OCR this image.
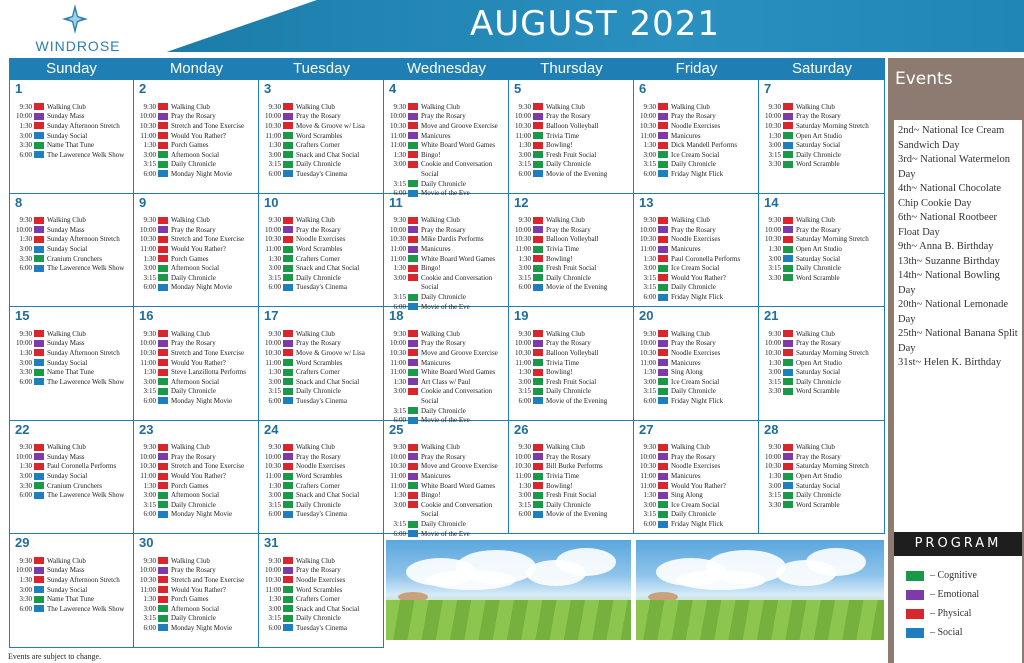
WINDROSE
AUGUST 2021
Sunday	Monday	Tuesday	Wednesday	Thursday	Friday	Saturday
1
9:30 Walking Club
10:00 Sunday Mass
1:30 Sunday Afternoon Stretch
3:00 Sunday Social
3:30 Name That Tune
6:00 The Lawerence Welk Show
2
9:30 Walking Club
10:00 Pray the Rosary
10:30 Stretch and Tone Exercise
11:00 Would You Rather?
1:30 Porch Games
3:00 Afternoon Social
3:15 Daily Chronicle
6:00 Monday Night Movie
3
9:30 Walking Club
10:00 Pray the Rosary
10:30 Move & Groove w/ Lisa
11:00 Word Scrambles
1:30 Crafters Corner
3:00 Snack and Chat Social
3:15 Daily Chronicle
6:00 Tuesday's Cinema
4
9:30 Walking Club
10:00 Pray the Rosary
10:30 Move and Groove Exercise
11:00 Manicures
11:00 White Board Word Games
1:30 Bingo!
3:00 Cookie and Conversation
Social
3:15 Daily Chronicle
6:00 Movie of the Eve
5
9:30 Walking Club
10:00 Pray the Rosary
10:30 Balloon Volleyball
11:00 Trivia Time
1:30 Bowling!
3:00 Fresh Fruit Social
3:15 Daily Chronicle
6:00 Movie of the Evening
6
9:30 Walking Club
10:00 Pray the Rosary
10:30 Noodle Exercises
11:00 Manicures
1:30 Dick Mandell Performs
3:00 Ice Cream Social
3:15 Daily Chronicle
6:00 Friday Night Flick
7
9:30 Walking Club
10:00 Pray the Rosary
10:30 Saturday Morning Stretch
1:30 Open Art Studio
3:00 Saturday Social
3:15 Daily Chronicle
3:30 Word Scramble
8
9:30 Walking Club
10:00 Sunday Mass
1:30 Sunday Afternoon Stretch
3:00 Sunday Social
3:30 Cranium Crunchers
6:00 The Lawerence Welk Show
9
9:30 Walking Club
10:00 Pray the Rosary
10:30 Stretch and Tone Exercise
11:00 Would You Rather?
1:30 Porch Games
3:00 Afternoon Social
3:15 Daily Chronicle
6:00 Monday Night Movie
10
9:30 Walking Club
10:00 Pray the Rosary
10:30 Noodle Exercises
11:00 Word Scrambles
1:30 Crafters Corner
3:00 Snack and Chat Social
3:15 Daily Chronicle
6:00 Tuesday's Cinema
11
9:30 Walking Club
10:00 Pray the Rosary
10:30 Mike Dardis Performs
11:00 Manicures
11:00 White Board Word Games
1:30 Bingo!
3:00 Cookie and Conversation
Social
3:15 Daily Chronicle
6:00 Movie of the Eve
12
9:30 Walking Club
10:00 Pray the Rosary
10:30 Balloon Volleyball
11:00 Trivia Time
1:30 Bowling!
3:00 Fresh Fruit Social
3:15 Daily Chronicle
6:00 Movie of the Evening
13
9:30 Walking Club
10:00 Pray the Rosary
10:30 Noodle Exercises
11:00 Manicures
1:30 Paul Coronella Performs
3:00 Ice Cream Social
3:15 Would You Rather?
3:15 Daily Chronicle
6:00 Friday Night Flick
14
9:30 Walking Club
10:00 Pray the Rosary
10:30 Saturday Morning Stretch
1:30 Open Art Studio
3:00 Saturday Social
3:15 Daily Chronicle
3:30 Word Scramble
15
9:30 Walking Club
10:00 Sunday Mass
1:30 Sunday Afternoon Stretch
3:00 Sunday Social
3:30 Name That Tune
6:00 The Lawerence Welk Show
16
9:30 Walking Club
10:00 Pray the Rosary
10:30 Stretch and Tone Exercise
11:00 Would You Rather?
1:30 Steve Lanzillotta Performs
3:00 Afternoon Social
3:15 Daily Chronicle
6:00 Monday Night Movie
17
9:30 Walking Club
10:00 Pray the Rosary
10:30 Move & Groove w/ Lisa
11:00 Word Scrambles
1:30 Crafters Corner
3:00 Snack and Chat Social
3:15 Daily Chronicle
6:00 Tuesday's Cinema
18
9:30 Walking Club
10:00 Pray the Rosary
10:30 Move and Groove Exercise
11:00 Manicures
11:00 White Board Word Games
1:30 Art Class w/ Paul
3:00 Cookie and Conversation
Social
3:15 Daily Chronicle
6:00 Movie of the Eve
19
9:30 Walking Club
10:00 Pray the Rosary
10:30 Balloon Volleyball
11:00 Trivia Time
1:30 Bowling!
3:00 Fresh Fruit Social
3:15 Daily Chronicle
6:00 Movie of the Evening
20
9:30 Walking Club
10:00 Pray the Rosary
10:30 Noodle Exercises
11:00 Manicures
1:30 Sing Along
3:00 Ice Cream Social
3:15 Daily Chronicle
6:00 Friday Night Flick
21
9:30 Walking Club
10:00 Pray the Rosary
10:30 Saturday Morning Stretch
1:30 Open Art Studio
3:00 Saturday Social
3:15 Daily Chronicle
3:30 Word Scramble
22
9:30 Walking Club
10:00 Sunday Mass
1:30 Paul Coronella Performs
3:00 Sunday Social
3:30 Cranium Crunchers
6:00 The Lawerence Welk Show
23
9:30 Walking Club
10:00 Pray the Rosary
10:30 Stretch and Tone Exercise
11:00 Would You Rather?
1:30 Porch Games
3:00 Afternoon Social
3:15 Daily Chronicle
6:00 Monday Night Movie
24
9:30 Walking Club
10:00 Pray the Rosary
10:30 Noodle Exercises
11:00 Word Scrambles
1:30 Crafters Corner
3:00 Snack and Chat Social
3:15 Daily Chronicle
6:00 Tuesday's Cinema
25
9:30 Walking Club
10:00 Pray the Rosary
10:30 Move and Groove Exercise
11:00 Manicures
11:00 White Board Word Games
1:30 Bingo!
3:00 Cookie and Conversation
Social
3:15 Daily Chronicle
6:00 Movie of the Eve
26
9:30 Walking Club
10:00 Pray the Rosary
10:30 Bill Burke Performs
11:00 Trivia Time
1:30 Bowling!
3:00 Fresh Fruit Social
3:15 Daily Chronicle
6:00 Movie of the Evening
27
9:30 Walking Club
10:00 Pray the Rosary
10:30 Noodle Exercises
11:00 Manicures
11:00 Would You Rather?
1:30 Sing Along
3:00 Ice Cream Social
3:15 Daily Chronicle
6:00 Friday Night Flick
28
9:30 Walking Club
10:00 Pray the Rosary
10:30 Saturday Morning Stretch
1:30 Open Art Studio
3:00 Saturday Social
3:15 Daily Chronicle
3:30 Word Scramble
29
9:30 Walking Club
10:00 Sunday Mass
1:30 Sunday Afternoon Stretch
3:00 Sunday Social
3:30 Name That Tune
6:00 The Lawerence Welk Show
30
9:30 Walking Club
10:00 Pray the Rosary
10:30 Stretch and Tone Exercise
11:00 Would You Rather?
1:30 Porch Games
3:00 Afternoon Social
3:15 Daily Chronicle
6:00 Monday Night Movie
31
9:30 Walking Club
10:00 Pray the Rosary
10:30 Noodle Exercises
11:00 Word Scrambles
1:30 Crafters Corner
3:00 Snack and Chat Social
3:15 Daily Chronicle
6:00 Tuesday's Cinema
Events are subject to change.
Events
2nd~ National Ice Cream Sandwich Day
3rd~ National Watermelon Day
4th~ National Chocolate Chip Cookie Day
6th~ National Rootbeer Float Day
9th~ Anna B. Birthday
13th~ Suzanne Birthday
14th~ National Bowling Day
20th~ National Lemonade Day
25th~ National Banana Split Day
31st~ Helen K. Birthday
PROGRAM
– Cognitive
– Emotional
– Physical
– Social
